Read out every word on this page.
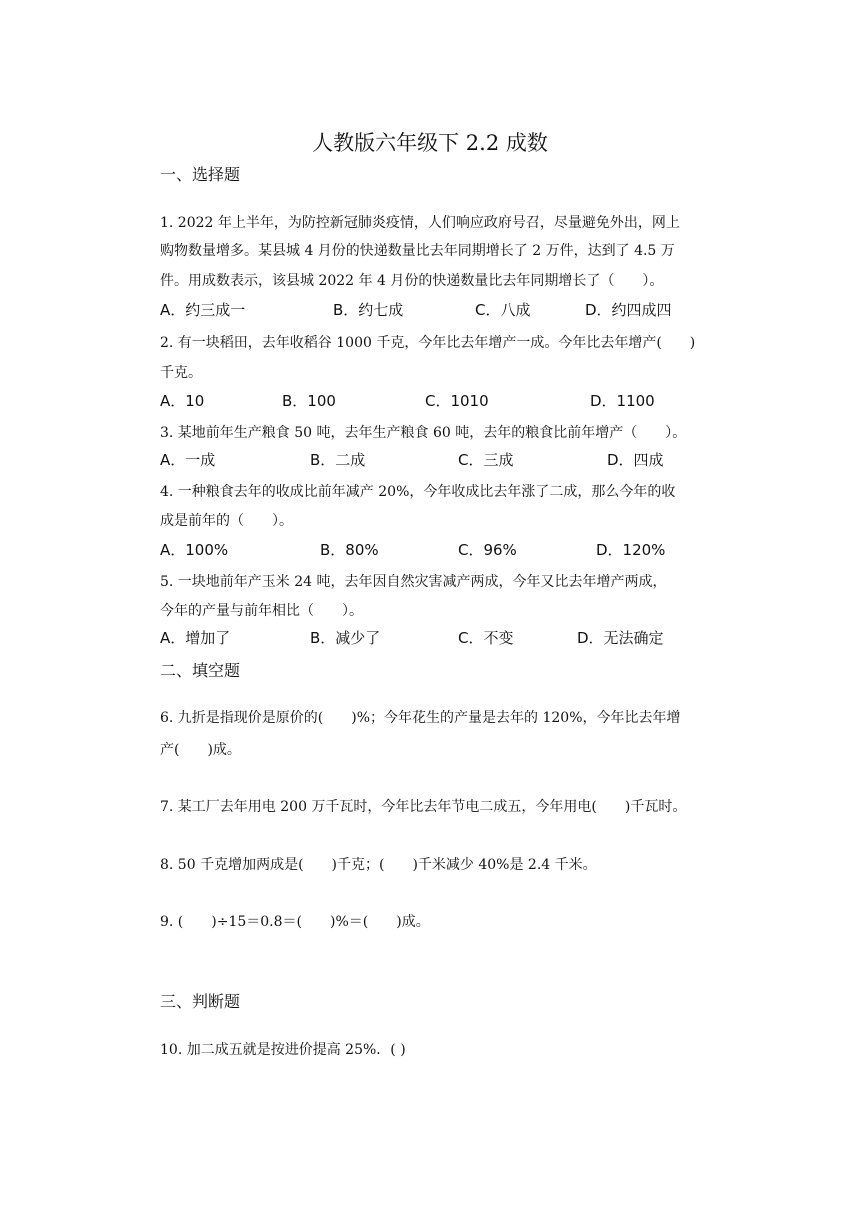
人教版六年级下 2.2 成数
一、选择题
1. 2022 年上半年，为防控新冠肺炎疫情，人们响应政府号召，尽量避免外出，网上
购物数量增多。某县城 4 月份的快递数量比去年同期增长了 2 万件，达到了 4.5 万
件。用成数表示，该县城 2022 年 4 月份的快递数量比去年同期增长了（　　）。
A．约三成一	B．约七成	C．八成	D．约四成四
2. 有一块稻田，去年收稻谷 1000 千克，今年比去年增产一成。今年比去年增产(　　)
千克。
A．10	B．100	C．1010	D．1100
3. 某地前年生产粮食 50 吨，去年生产粮食 60 吨，去年的粮食比前年增产（　　）。
A．一成	B．二成	C．三成	D．四成
4. 一种粮食去年的收成比前年减产 20%，今年收成比去年涨了二成，那么今年的收
成是前年的（　　）。
A．100%	B．80%	C．96%	D．120%
5. 一块地前年产玉米 24 吨，去年因自然灾害减产两成，今年又比去年增产两成，
今年的产量与前年相比（　　）。
A．增加了	B．减少了	C．不变	D．无法确定
二、填空题
6. 九折是指现价是原价的(　　)%；今年花生的产量是去年的 120%，今年比去年增
产(　　)成。
7. 某工厂去年用电 200 万千瓦时，今年比去年节电二成五，今年用电(　　)千瓦时。
8. 50 千克增加两成是(　　)千克；(　　)千米减少 40%是 2.4 千米。
9. (　　)÷15＝0.8＝(　　)%＝(　　)成。
三、判断题
10. 加二成五就是按进价提高 25%．( )
